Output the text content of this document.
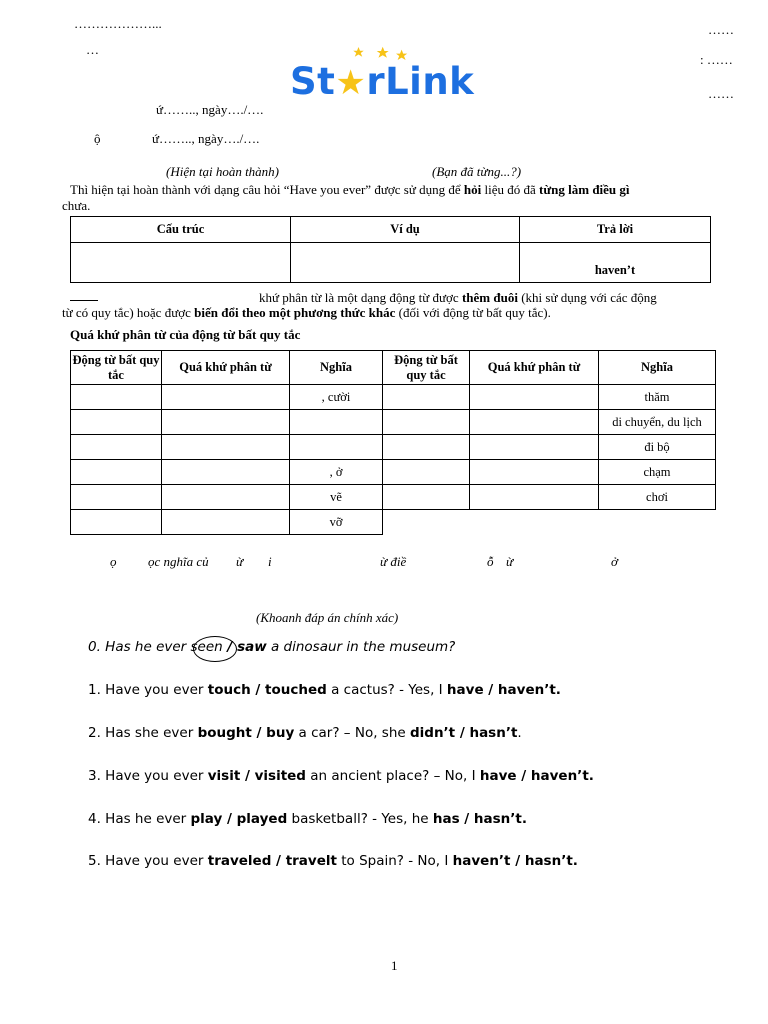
………………...
…
……
: ……
……
St★rLink
ứ…….., ngày…./….
ộ	ứ…….., ngày…./….
(Hiện tại hoàn thành)	(Bạn đã từng...?)
Thì hiện tại hoàn thành với dạng câu hỏi “Have you ever” được sử dụng để hỏi liệu đó đã từng làm điều gì
chưa.
Cấu trúc	Ví dụ	Trả lời
		haven’t
khứ phân từ là một dạng động từ được thêm đuôi (khi sử dụng với các động
từ có quy tắc) hoặc được biến đổi theo một phương thức khác (đối với động từ bất quy tắc).
Quá khứ phân từ của động từ bất quy tắc
Động từ bất quy tắc	Quá khứ phân từ	Nghĩa	Động từ bất quy tắc	Quá khứ phân từ	Nghĩa
		, cười			thăm
					di chuyển, du lịch
					đi bộ
		, ở			chạm
		vẽ			chơi
		vỡ			
ọ ọc nghĩa củ ừ i	ừ điề	ỗ ừ	ở
(Khoanh đáp án chính xác)
0. Has he ever seen / saw a dinosaur in the museum?
1. Have you ever touch / touched a cactus? - Yes, I have / haven’t.
2. Has she ever bought / buy a car? – No, she didn’t / hasn’t.
3. Have you ever visit / visited an ancient place? – No, I have / haven’t.
4. Has he ever play / played basketball? - Yes, he has / hasn’t.
5. Have you ever traveled / travelt to Spain? - No, I haven’t / hasn’t.
1
